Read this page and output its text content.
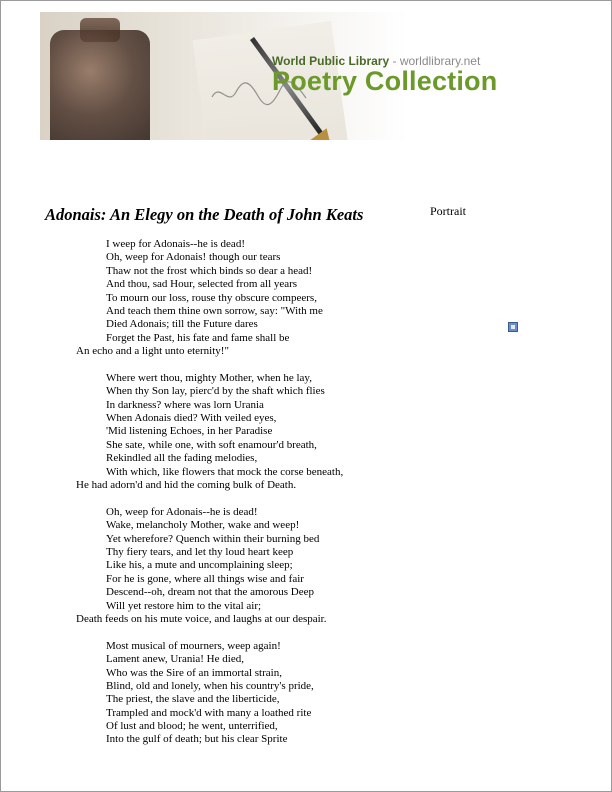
World Public Library - worldlibrary.net
Poetry Collection
Adonais: An Elegy on the Death of John Keats	Portrait
I weep for Adonais--he is dead!
Oh, weep for Adonais! though our tears
Thaw not the frost which binds so dear a head!
And thou, sad Hour, selected from all years
To mourn our loss, rouse thy obscure compeers,
And teach them thine own sorrow, say: "With me
Died Adonais; till the Future dares
Forget the Past, his fate and fame shall be
An echo and a light unto eternity!"
Where wert thou, mighty Mother, when he lay,
When thy Son lay, pierc'd by the shaft which flies
In darkness? where was lorn Urania
When Adonais died? With veiled eyes,
'Mid listening Echoes, in her Paradise
She sate, while one, with soft enamour'd breath,
Rekindled all the fading melodies,
With which, like flowers that mock the corse beneath,
He had adorn'd and hid the coming bulk of Death.
Oh, weep for Adonais--he is dead!
Wake, melancholy Mother, wake and weep!
Yet wherefore? Quench within their burning bed
Thy fiery tears, and let thy loud heart keep
Like his, a mute and uncomplaining sleep;
For he is gone, where all things wise and fair
Descend--oh, dream not that the amorous Deep
Will yet restore him to the vital air;
Death feeds on his mute voice, and laughs at our despair.
Most musical of mourners, weep again!
Lament anew, Urania! He died,
Who was the Sire of an immortal strain,
Blind, old and lonely, when his country's pride,
The priest, the slave and the liberticide,
Trampled and mock'd with many a loathed rite
Of lust and blood; he went, unterrified,
Into the gulf of death; but his clear Sprite
